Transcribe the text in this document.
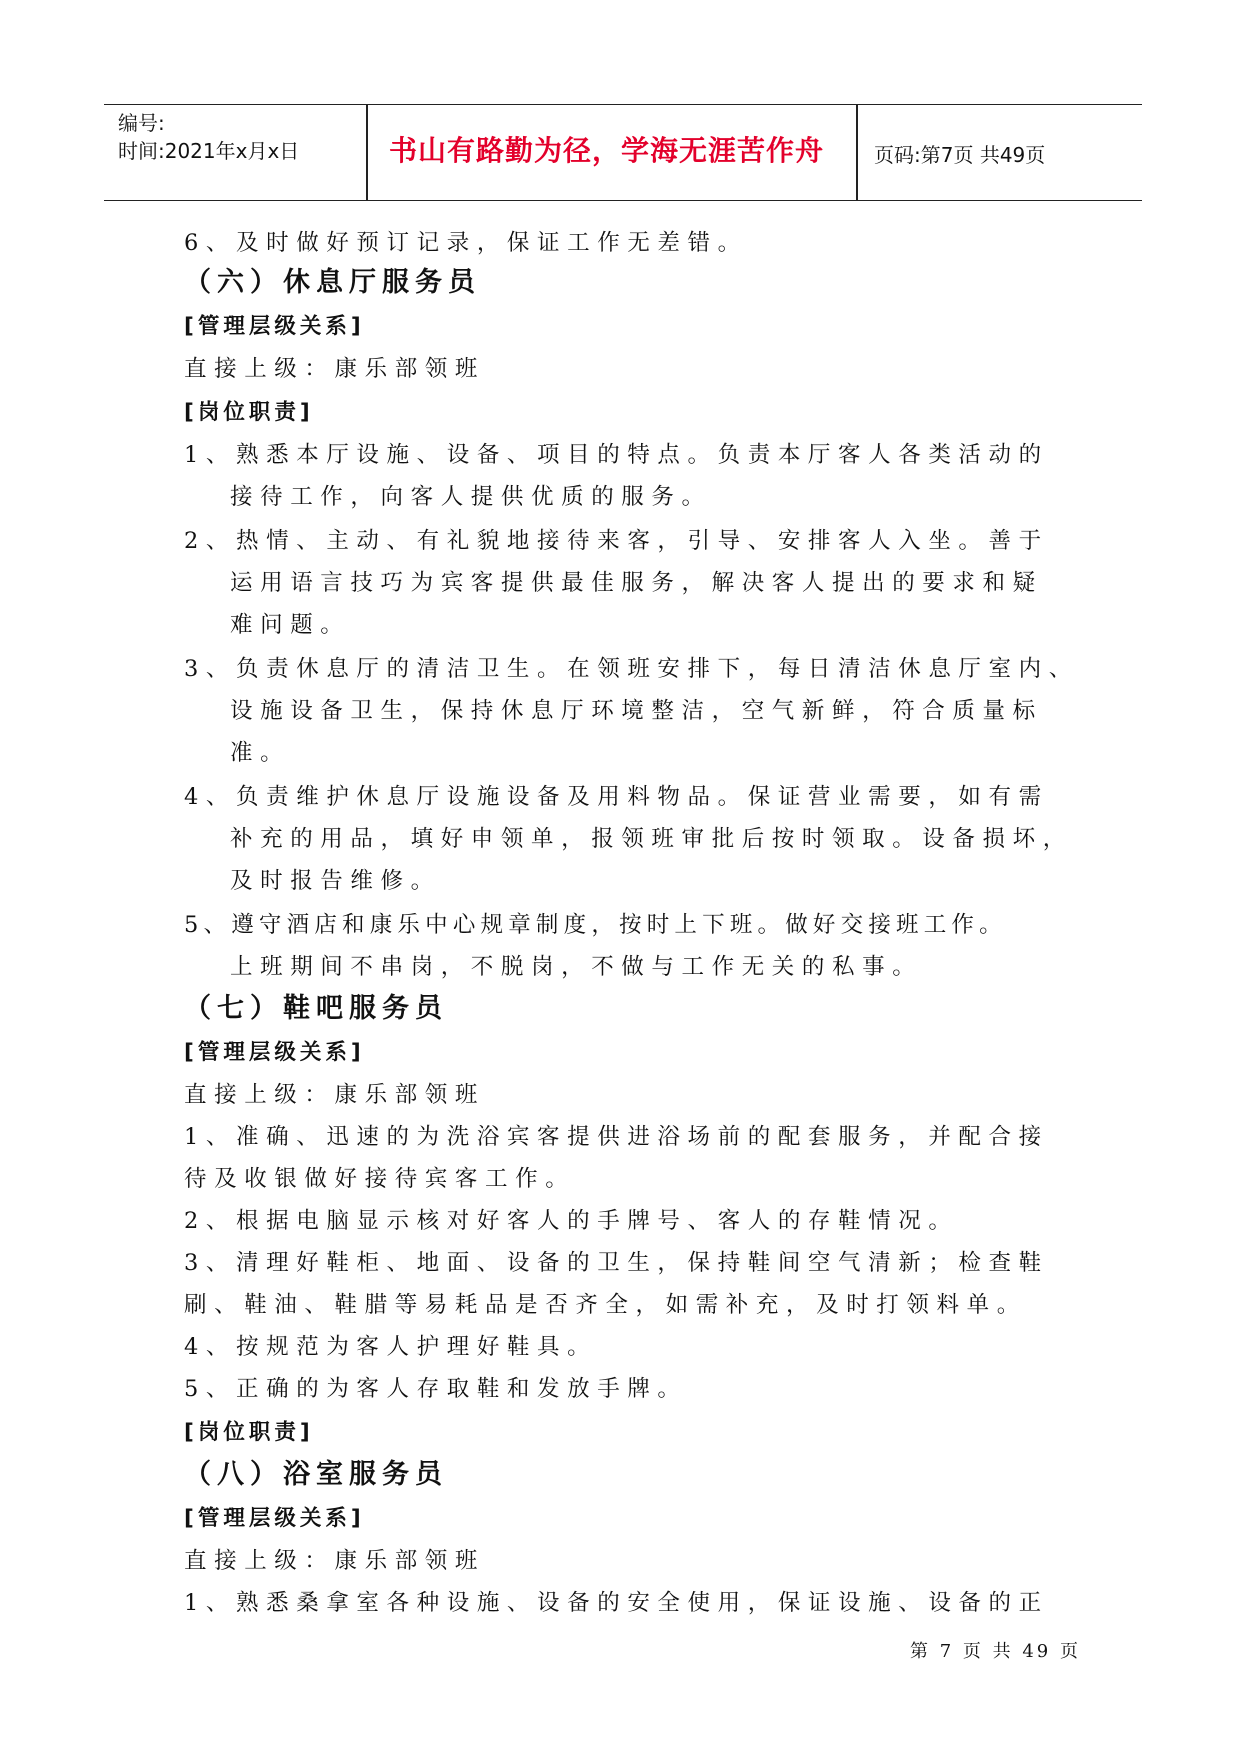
编号:
时间:2021年x月x日	书山有路勤为径，学海无涯苦作舟	页码:第7页 共49页
6、及时做好预订记录，保证工作无差错。
（六）休息厅服务员
[管理层级关系]
直接上级：康乐部领班
[岗位职责]
1、熟悉本厅设施、设备、项目的特点。负责本厅客人各类活动的
接待工作，向客人提供优质的服务。
2、热情、主动、有礼貌地接待来客，引导、安排客人入坐。善于
运用语言技巧为宾客提供最佳服务，解决客人提出的要求和疑
难问题。
3、负责休息厅的清洁卫生。在领班安排下，每日清洁休息厅室内、
设施设备卫生，保持休息厅环境整洁，空气新鲜，符合质量标
准。
4、负责维护休息厅设施设备及用料物品。保证营业需要，如有需
补充的用品，填好申领单，报领班审批后按时领取。设备损坏，
及时报告维修。
5、遵守酒店和康乐中心规章制度，按时上下班。做好交接班工作。
上班期间不串岗，不脱岗，不做与工作无关的私事。
（七）鞋吧服务员
[管理层级关系]
直接上级：康乐部领班
1、准确、迅速的为洗浴宾客提供进浴场前的配套服务，并配合接
待及收银做好接待宾客工作。
2、根据电脑显示核对好客人的手牌号、客人的存鞋情况。
3、清理好鞋柜、地面、设备的卫生，保持鞋间空气清新；检查鞋
刷、鞋油、鞋腊等易耗品是否齐全，如需补充，及时打领料单。
4、按规范为客人护理好鞋具。
5、正确的为客人存取鞋和发放手牌。
[岗位职责]
（八）浴室服务员
[管理层级关系]
直接上级：康乐部领班
1、熟悉桑拿室各种设施、设备的安全使用，保证设施、设备的正
第 7 页 共 49 页
